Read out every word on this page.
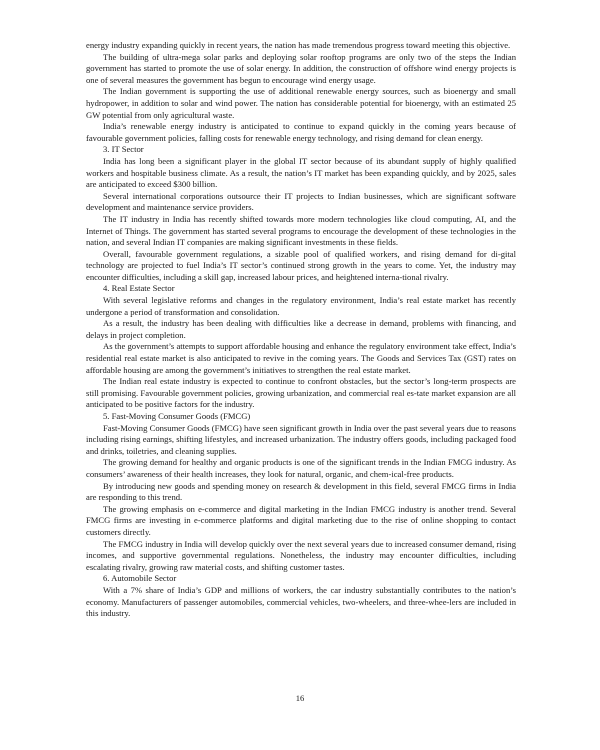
energy industry expanding quickly in recent years, the nation has made tremendous progress toward meeting this objective.

The building of ultra-mega solar parks and deploying solar rooftop programs are only two of the steps the Indian government has started to promote the use of solar energy. In addition, the construction of offshore wind energy projects is one of several measures the government has begun to encourage wind energy usage.

The Indian government is supporting the use of additional renewable energy sources, such as bioenergy and small hydropower, in addition to solar and wind power. The nation has considerable potential for bioenergy, with an estimated 25 GW potential from only agricultural waste.

India’s renewable energy industry is anticipated to continue to expand quickly in the coming years because of favourable government policies, falling costs for renewable energy technology, and rising demand for clean energy.

3. IT Sector

India has long been a significant player in the global IT sector because of its abundant supply of highly qualified workers and hospitable business climate. As a result, the nation’s IT market has been expanding quickly, and by 2025, sales are anticipated to exceed $300 billion.

Several international corporations outsource their IT projects to Indian businesses, which are significant software development and maintenance service providers.

The IT industry in India has recently shifted towards more modern technologies like cloud computing, AI, and the Internet of Things. The government has started several programs to encourage the development of these technologies in the nation, and several Indian IT companies are making significant investments in these fields.

Overall, favourable government regulations, a sizable pool of qualified workers, and rising demand for di-gital technology are projected to fuel India’s IT sector’s continued strong growth in the years to come. Yet, the industry may encounter difficulties, including a skill gap, increased labour prices, and heightened interna-tional rivalry.

4. Real Estate Sector

With several legislative reforms and changes in the regulatory environment, India’s real estate market has recently undergone a period of transformation and consolidation.

As a result, the industry has been dealing with difficulties like a decrease in demand, problems with financing, and delays in project completion.

As the government’s attempts to support affordable housing and enhance the regulatory environment take effect, India’s residential real estate market is also anticipated to revive in the coming years. The Goods and Services Tax (GST) rates on affordable housing are among the government’s initiatives to strengthen the real estate market.

The Indian real estate industry is expected to continue to confront obstacles, but the sector’s long-term prospects are still promising. Favourable government policies, growing urbanization, and commercial real es-tate market expansion are all anticipated to be positive factors for the industry.

5. Fast-Moving Consumer Goods (FMCG)

Fast-Moving Consumer Goods (FMCG) have seen significant growth in India over the past several years due to reasons including rising earnings, shifting lifestyles, and increased urbanization. The industry offers goods, including packaged food and drinks, toiletries, and cleaning supplies.

The growing demand for healthy and organic products is one of the significant trends in the Indian FMCG industry. As consumers’ awareness of their health increases, they look for natural, organic, and chem-ical-free products.

By introducing new goods and spending money on research & development in this field, several FMCG firms in India are responding to this trend.

The growing emphasis on e-commerce and digital marketing in the Indian FMCG industry is another trend. Several FMCG firms are investing in e-commerce platforms and digital marketing due to the rise of online shopping to contact customers directly.

The FMCG industry in India will develop quickly over the next several years due to increased consumer demand, rising incomes, and supportive governmental regulations. Nonetheless, the industry may encounter difficulties, including escalating rivalry, growing raw material costs, and shifting customer tastes.

6. Automobile Sector

With a 7% share of India’s GDP and millions of workers, the car industry substantially contributes to the nation’s economy. Manufacturers of passenger automobiles, commercial vehicles, two-wheelers, and three-whee-lers are included in this industry.

16
